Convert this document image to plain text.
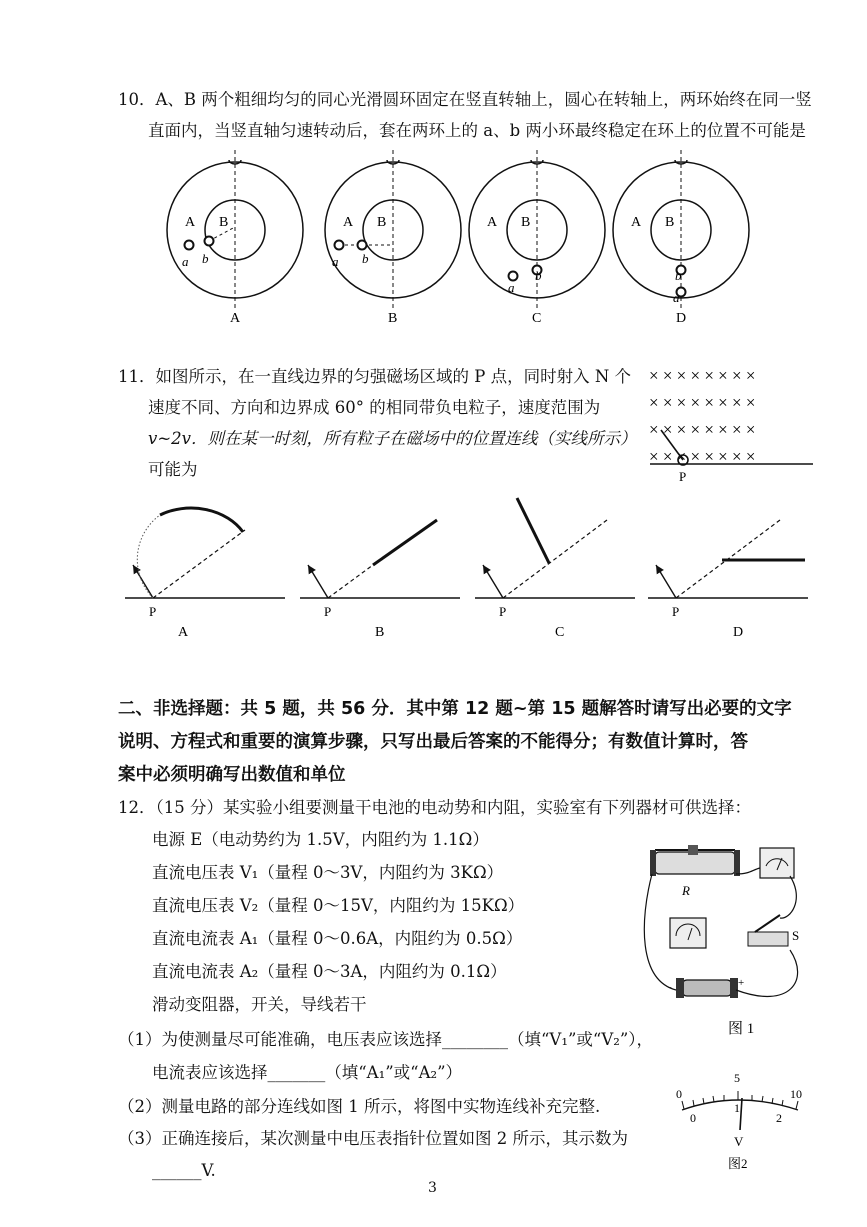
10．A、B 两个粗细均匀的同心光滑圆环固定在竖直转轴上，圆心在转轴上，两环始终在同一竖
直面内，当竖直轴匀速转动后，套在两环上的 a、b 两小环最终稳定在环上的位置不可能是
A B
a b
A
A B
a b
B
A B
a
b
C
A B
a
b
D
11．如图所示，在一直线边界的匀强磁场区域的 P 点，同时射入 N 个
速度不同、方向和边界成 60° 的相同带负电粒子，速度范围为
v~2v．则在某一时刻，所有粒子在磁场中的位置连线（实线所示）
可能为
× × × × × × × ×
× × × × × × × ×
× × × × × × × ×
× × × × × × × ×
P
P
A
P
B
P
C
P
D
二、非选择题：共 5 题，共 56 分．其中第 12 题~第 15 题解答时请写出必要的文字
说明、方程式和重要的演算步骤，只写出最后答案的不能得分；有数值计算时，答
案中必须明确写出数值和单位
12．（15 分）某实验小组要测量干电池的电动势和内阻，实验室有下列器材可供选择：
电源 E（电动势约为 1.5V，内阻约为 1.1Ω）
直流电压表 V₁（量程 0～3V，内阻约为 3KΩ）
直流电压表 V₂（量程 0～15V，内阻约为 15KΩ）
直流电流表 A₁（量程 0～0.6A，内阻约为 0.5Ω）
直流电流表 A₂（量程 0～3A，内阻约为 0.1Ω）
滑动变阻器，开关，导线若干
（1）为使测量尽可能准确，电压表应该选择________（填“V₁”或“V₂”），
电流表应该选择_______（填“A₁”或“A₂”）
（2）测量电路的部分连线如图 1 所示，将图中实物连线补充完整.
（3）正确连接后，某次测量中电压表指针位置如图 2 所示，其示数为
______V.
R
S
-	+
图 1
0
5
10
0
1
2
V
图2
3
